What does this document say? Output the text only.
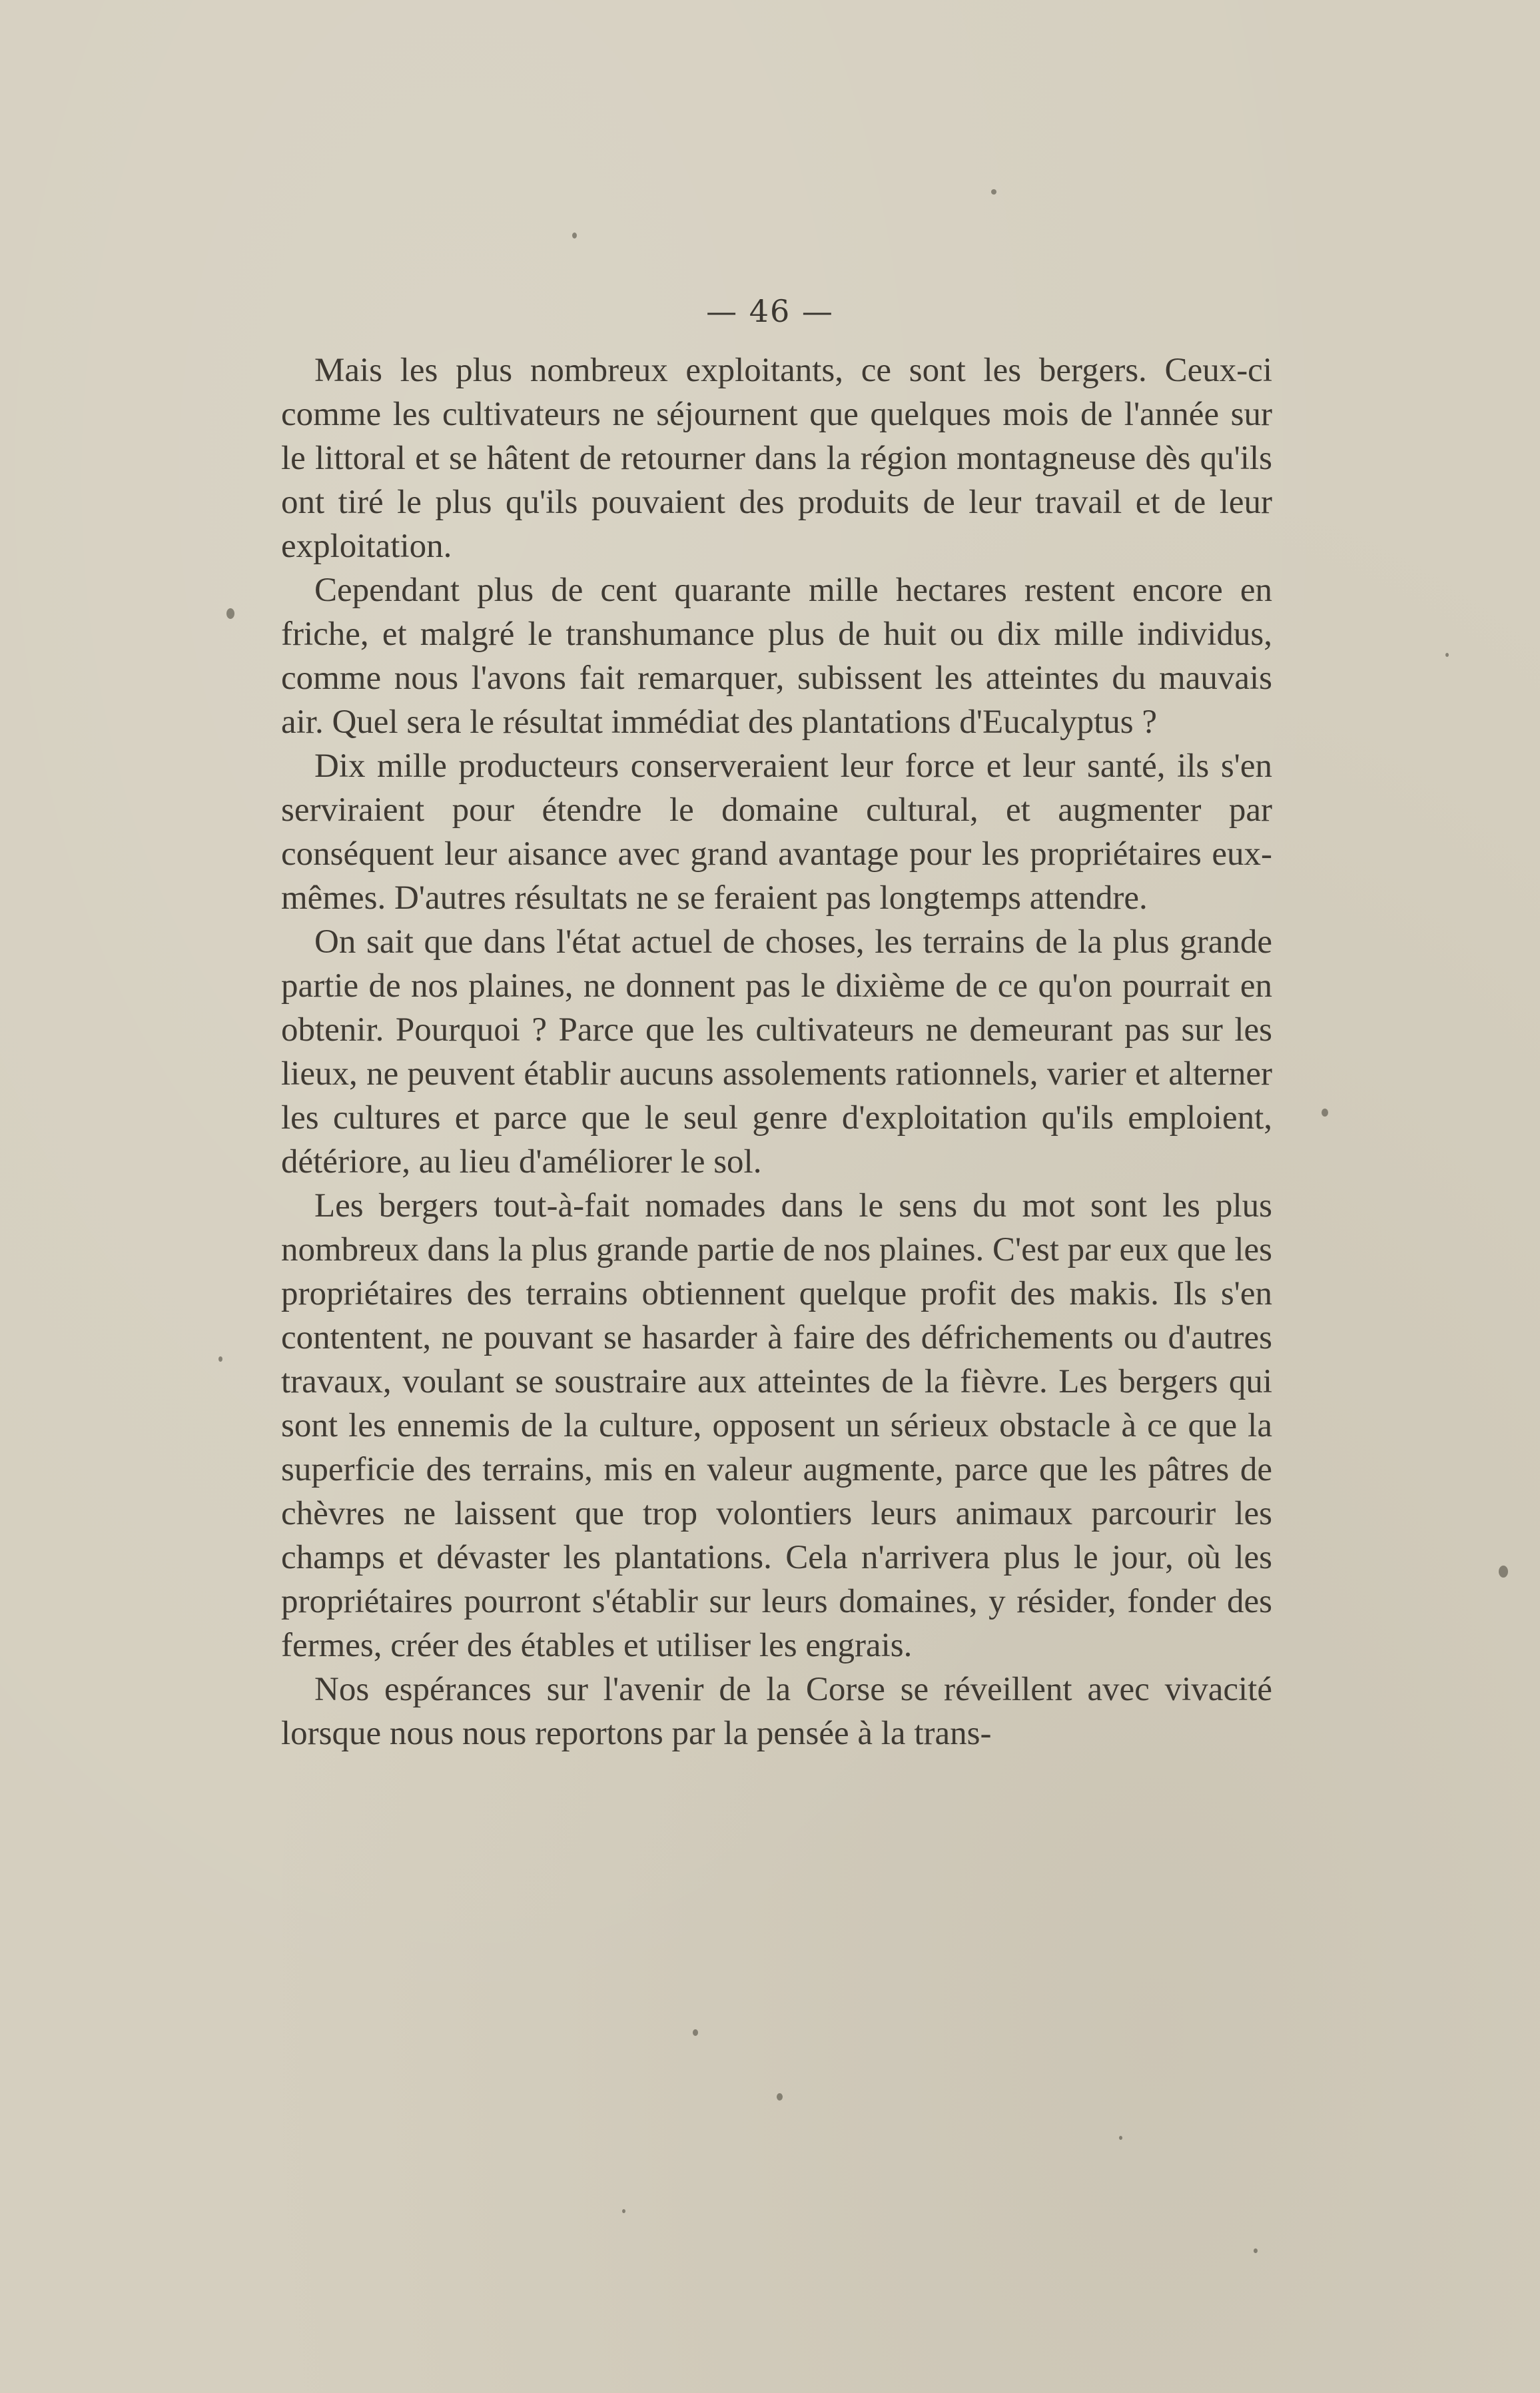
— 46 —

Mais les plus nombreux exploitants, ce sont les bergers. Ceux-ci comme les cultivateurs ne séjournent que quelques mois de l'année sur le littoral et se hâtent de retourner dans la région montagneuse dès qu'ils ont tiré le plus qu'ils pouvaient des produits de leur travail et de leur exploitation.

Cependant plus de cent quarante mille hectares restent encore en friche, et malgré le transhumance plus de huit ou dix mille individus, comme nous l'avons fait remarquer, subissent les atteintes du mauvais air. Quel sera le résultat immédiat des plantations d'Eucalyptus ?

Dix mille producteurs conserveraient leur force et leur santé, ils s'en serviraient pour étendre le domaine cultural, et augmenter par conséquent leur aisance avec grand avantage pour les propriétaires eux-mêmes. D'autres résultats ne se feraient pas longtemps attendre.

On sait que dans l'état actuel de choses, les terrains de la plus grande partie de nos plaines, ne donnent pas le dixième de ce qu'on pourrait en obtenir. Pourquoi ? Parce que les cultivateurs ne demeurant pas sur les lieux, ne peuvent établir aucuns assolements rationnels, varier et alterner les cultures et parce que le seul genre d'exploitation qu'ils emploient, détériore, au lieu d'améliorer le sol.

Les bergers tout-à-fait nomades dans le sens du mot sont les plus nombreux dans la plus grande partie de nos plaines. C'est par eux que les propriétaires des terrains obtiennent quelque profit des makis. Ils s'en contentent, ne pouvant se hasarder à faire des défrichements ou d'autres travaux, voulant se soustraire aux atteintes de la fièvre. Les bergers qui sont les ennemis de la culture, opposent un sérieux obstacle à ce que la superficie des terrains, mis en valeur augmente, parce que les pâtres de chèvres ne laissent que trop volontiers leurs animaux parcourir les champs et dévaster les plantations. Cela n'arrivera plus le jour, où les propriétaires pourront s'établir sur leurs domaines, y résider, fonder des fermes, créer des étables et utiliser les engrais.

Nos espérances sur l'avenir de la Corse se réveillent avec vivacité lorsque nous nous reportons par la pensée à la trans-
